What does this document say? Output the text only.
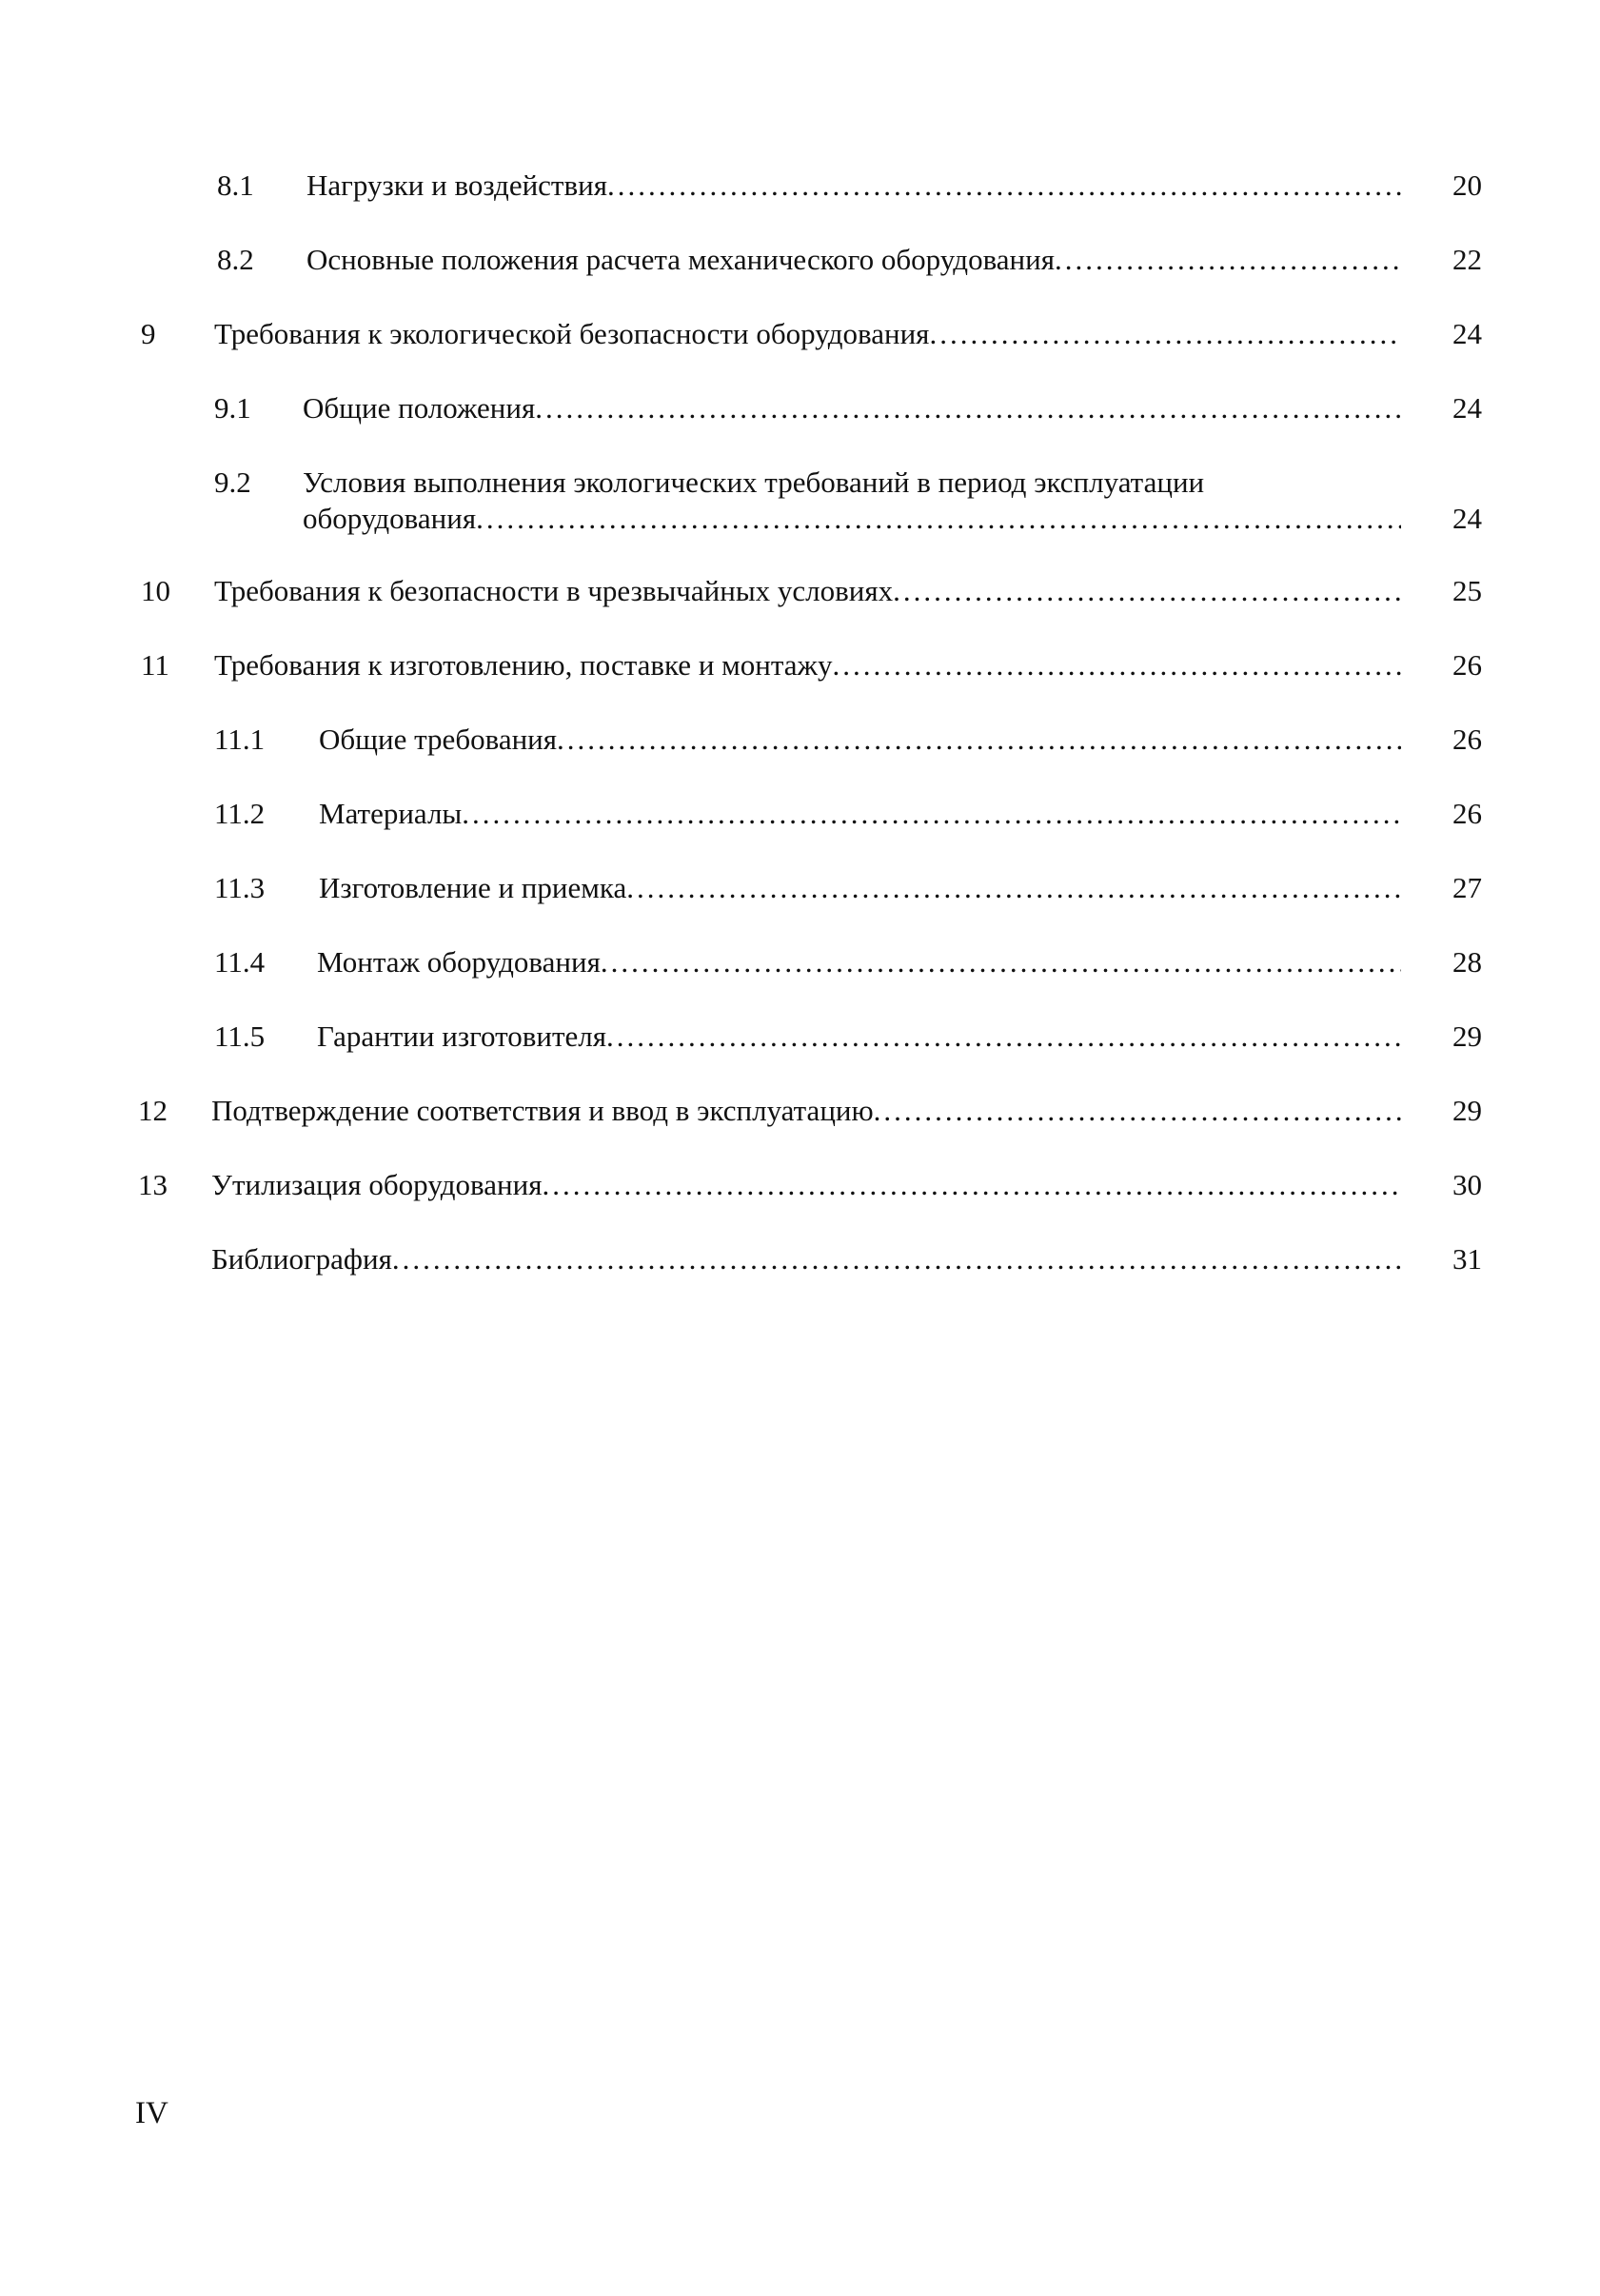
8.1 Нагрузки и воздействия .....	20
8.2 Основные положения расчета механического оборудования .....	22
9 Требования к экологической безопасности оборудования .....	24
9.1 Общие положения .....	24
9.2 Условия выполнения экологических требований в период эксплуатации
оборудования .....	24
10 Требования к безопасности в чрезвычайных условиях .....	25
11 Требования к изготовлению, поставке и монтажу .....	26
11.1 Общие требования .....	26
11.2 Материалы .....	26
11.3 Изготовление и приемка .....	27
11.4 Монтаж оборудования .....	28
11.5 Гарантии изготовителя .....	29
12 Подтверждение соответствия и ввод в эксплуатацию .....	29
13 Утилизация оборудования .....	30
Библиография .....	31
IV
